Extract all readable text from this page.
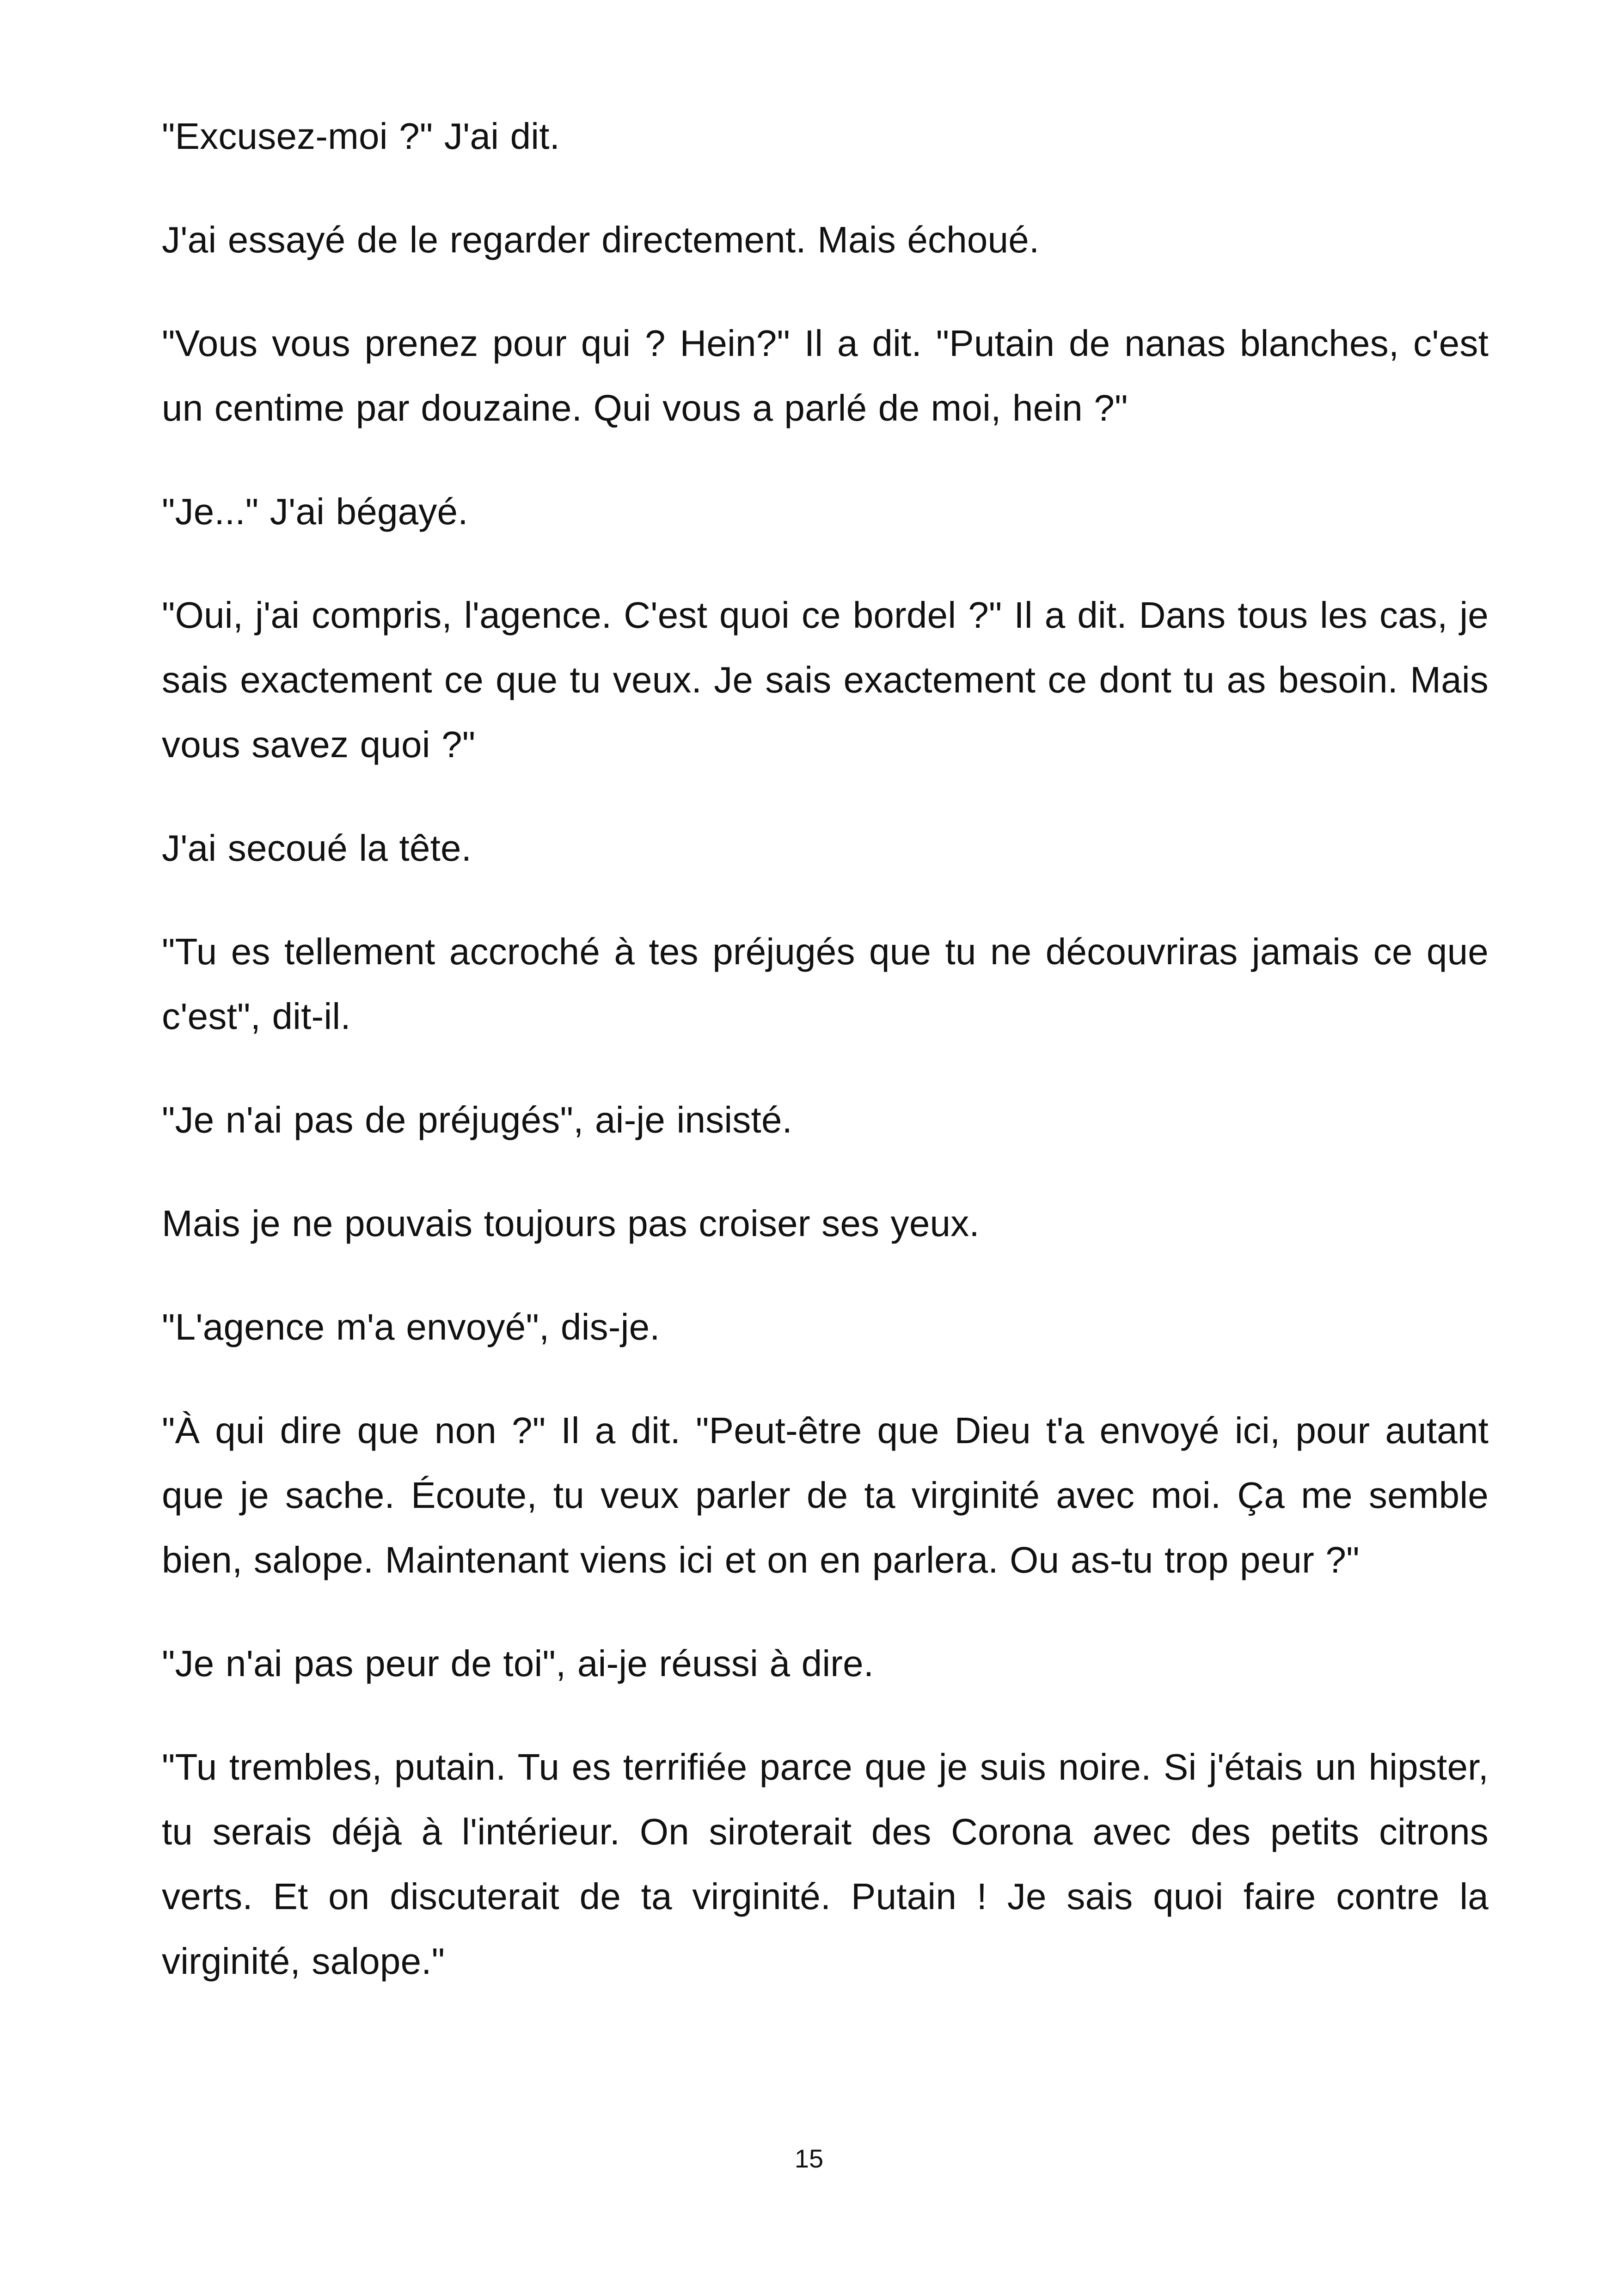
"Excusez-moi ?" J'ai dit.

J'ai essayé de le regarder directement. Mais échoué.

"Vous vous prenez pour qui ? Hein?" Il a dit. "Putain de nanas blanches, c'est un centime par douzaine. Qui vous a parlé de moi, hein ?"

"Je..." J'ai bégayé.

"Oui, j'ai compris, l'agence. C'est quoi ce bordel ?" Il a dit. Dans tous les cas, je sais exactement ce que tu veux. Je sais exactement ce dont tu as besoin. Mais vous savez quoi ?"

J'ai secoué la tête.

"Tu es tellement accroché à tes préjugés que tu ne découvriras jamais ce que c'est", dit-il.

"Je n'ai pas de préjugés", ai-je insisté.

Mais je ne pouvais toujours pas croiser ses yeux.

"L'agence m'a envoyé", dis-je.

"À qui dire que non ?" Il a dit. "Peut-être que Dieu t'a envoyé ici, pour autant que je sache. Écoute, tu veux parler de ta virginité avec moi. Ça me semble bien, salope. Maintenant viens ici et on en parlera. Ou as-tu trop peur ?"

"Je n'ai pas peur de toi", ai-je réussi à dire.

"Tu trembles, putain. Tu es terrifiée parce que je suis noire. Si j'étais un hipster, tu serais déjà à l'intérieur. On siroterait des Corona avec des petits citrons verts. Et on discuterait de ta virginité. Putain ! Je sais quoi faire contre la virginité, salope."

15
